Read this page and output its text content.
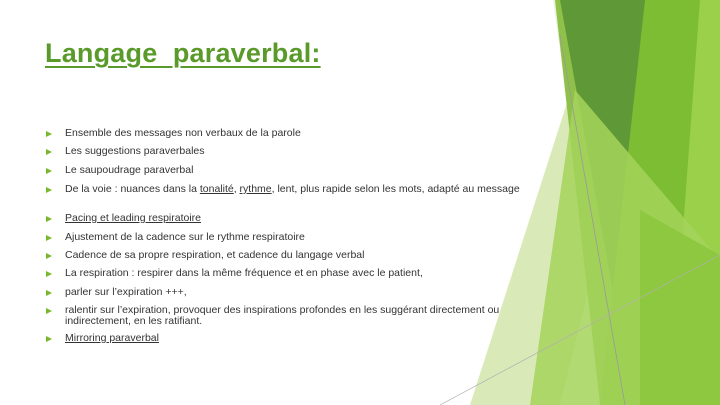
Langage  paraverbal:
Ensemble des messages non verbaux de la parole
Les suggestions paraverbales
Le saupoudrage paraverbal
De la voie : nuances dans la tonalité, rythme, lent, plus rapide selon les mots, adapté au message
Pacing et leading respiratoire
Ajustement de la cadence sur le rythme respiratoire
Cadence de sa propre respiration, et cadence du langage verbal
La respiration : respirer dans la même fréquence et en phase avec le patient,
parler sur l’expiration +++,
ralentir sur l’expiration, provoquer des inspirations profondes en les suggérant directement ou indirectement, en les ratifiant.
Mirroring paraverbal
